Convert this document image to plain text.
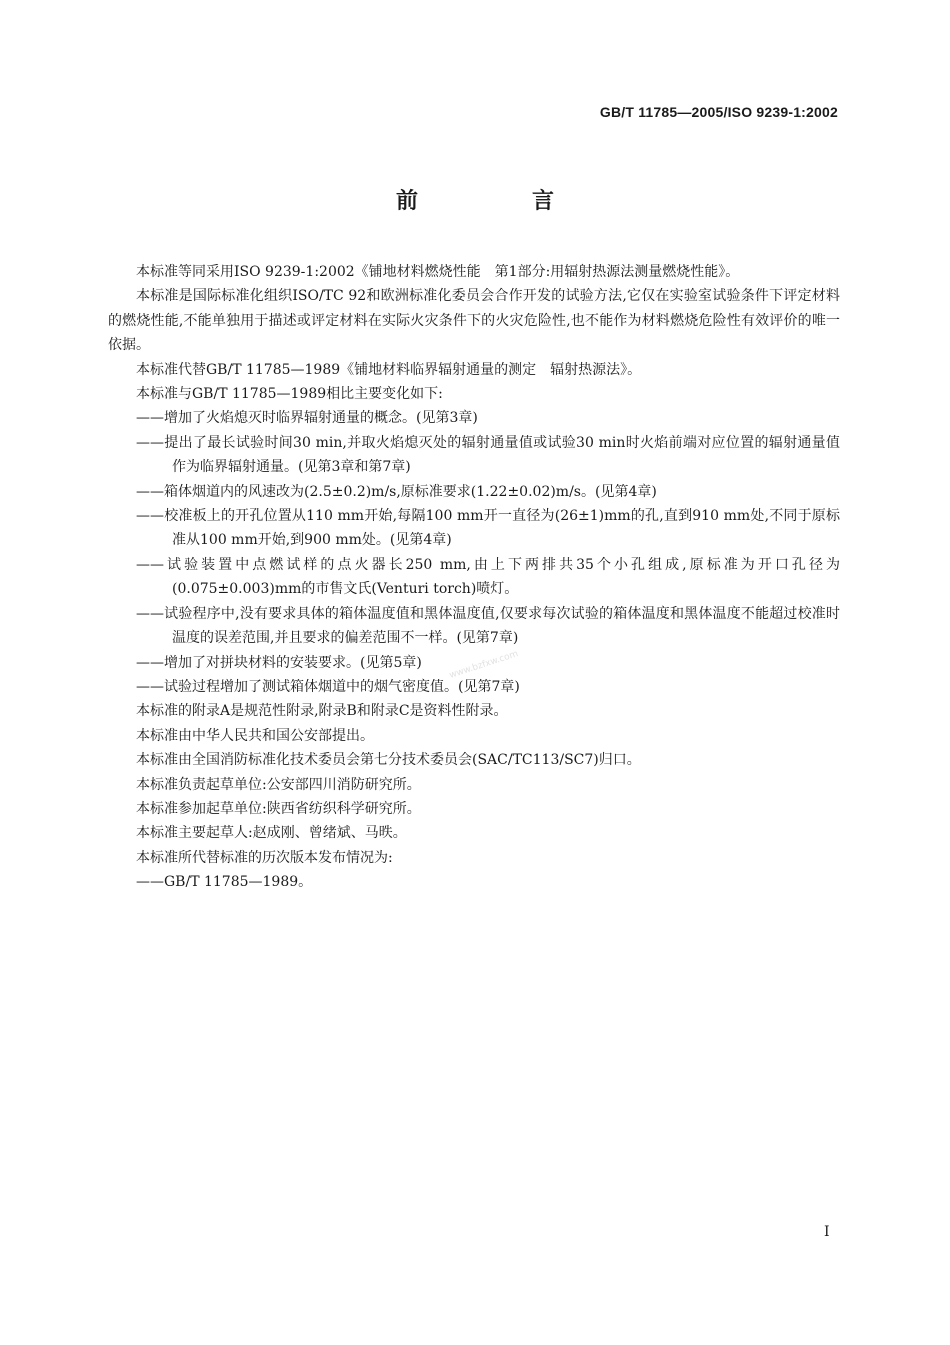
GB/T 11785—2005/ISO 9239-1:2002
前　言

本标准等同采用ISO 9239-1:2002《铺地材料燃烧性能　第1部分:用辐射热源法测量燃烧性能》。

本标准是国际标准化组织ISO/TC 92和欧洲标准化委员会合作开发的试验方法,它仅在实验室试验条件下评定材料的燃烧性能,不能单独用于描述或评定材料在实际火灾条件下的火灾危险性,也不能作为材料燃烧危险性有效评价的唯一依据。

本标准代替GB/T 11785—1989《铺地材料临界辐射通量的测定　辐射热源法》。

本标准与GB/T 11785—1989相比主要变化如下:

——增加了火焰熄灭时临界辐射通量的概念。(见第3章)

——提出了最长试验时间30 min,并取火焰熄灭处的辐射通量值或试验30 min时火焰前端对应位置的辐射通量值作为临界辐射通量。(见第3章和第7章)

——箱体烟道内的风速改为(2.5±0.2)m/s,原标准要求(1.22±0.02)m/s。(见第4章)

——校准板上的开孔位置从110 mm开始,每隔100 mm开一直径为(26±1)mm的孔,直到910 mm处,不同于原标准从100 mm开始,到900 mm处。(见第4章)

——试验装置中点燃试样的点火器长250 mm,由上下两排共35个小孔组成,原标准为开口孔径为(0.075±0.003)mm的市售文氏(Venturi torch)喷灯。

——试验程序中,没有要求具体的箱体温度值和黑体温度值,仅要求每次试验的箱体温度和黑体温度不能超过校准时温度的误差范围,并且要求的偏差范围不一样。(见第7章)

——增加了对拼块材料的安装要求。(见第5章)

——试验过程增加了测试箱体烟道中的烟气密度值。(见第7章)

本标准的附录A是规范性附录,附录B和附录C是资料性附录。

本标准由中华人民共和国公安部提出。

本标准由全国消防标准化技术委员会第七分技术委员会(SAC/TC113/SC7)归口。

本标准负责起草单位:公安部四川消防研究所。

本标准参加起草单位:陕西省纺织科学研究所。

本标准主要起草人:赵成刚、曾绪斌、马昳。

本标准所代替标准的历次版本发布情况为:

——GB/T 11785—1989。

www.bzfxw.com
I
